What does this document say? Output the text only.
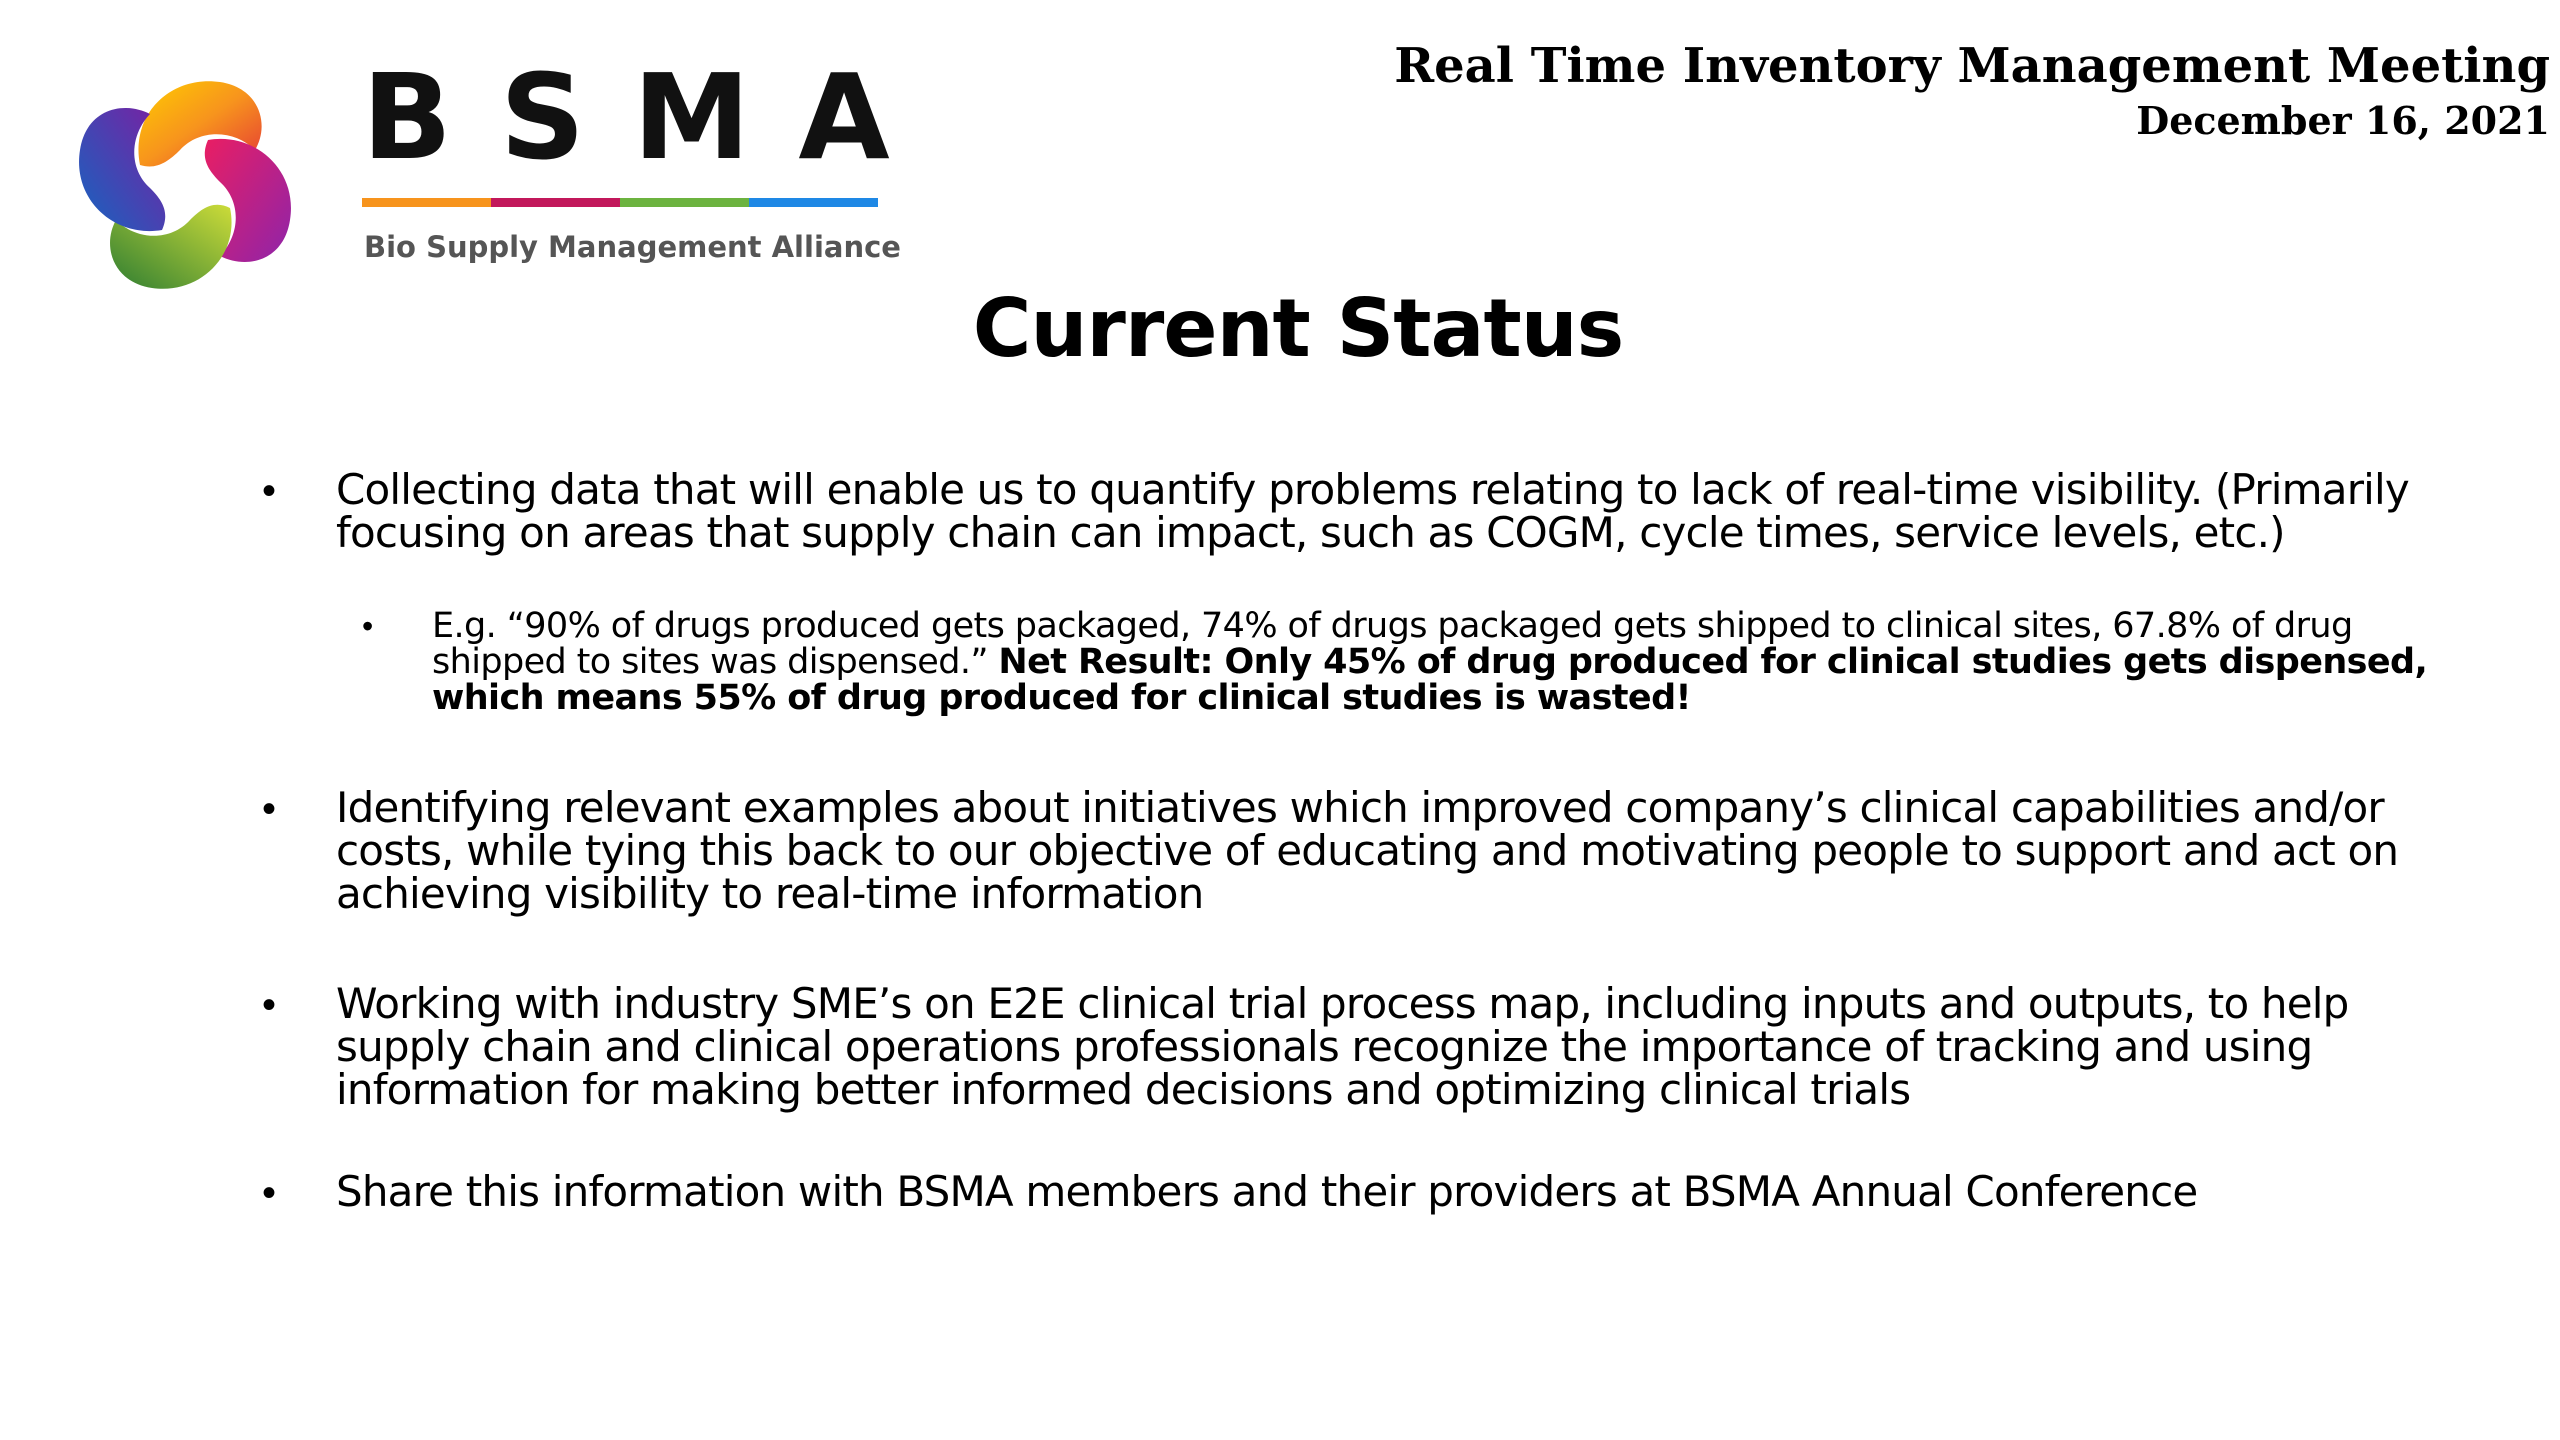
BSMA
Bio Supply Management Alliance
Real Time Inventory Management Meeting
December 16, 2021
Current Status
• Collecting data that will enable us to quantify problems relating to lack of real-time visibility. (Primarily focusing on areas that supply chain can impact, such as COGM, cycle times, service levels, etc.)
• E.g. “90% of drugs produced gets packaged, 74% of drugs packaged gets shipped to clinical sites, 67.8% of drug shipped to sites was dispensed.” Net Result: Only 45% of drug produced for clinical studies gets dispensed, which means 55% of drug produced for clinical studies is wasted!
• Identifying relevant examples about initiatives which improved company’s clinical capabilities and/or costs, while tying this back to our objective of educating and motivating people to support and act on achieving visibility to real-time information
• Working with industry SME’s on E2E clinical trial process map, including inputs and outputs, to help supply chain and clinical operations professionals recognize the importance of tracking and using information for making better informed decisions and optimizing clinical trials
• Share this information with BSMA members and their providers at BSMA Annual Conference
